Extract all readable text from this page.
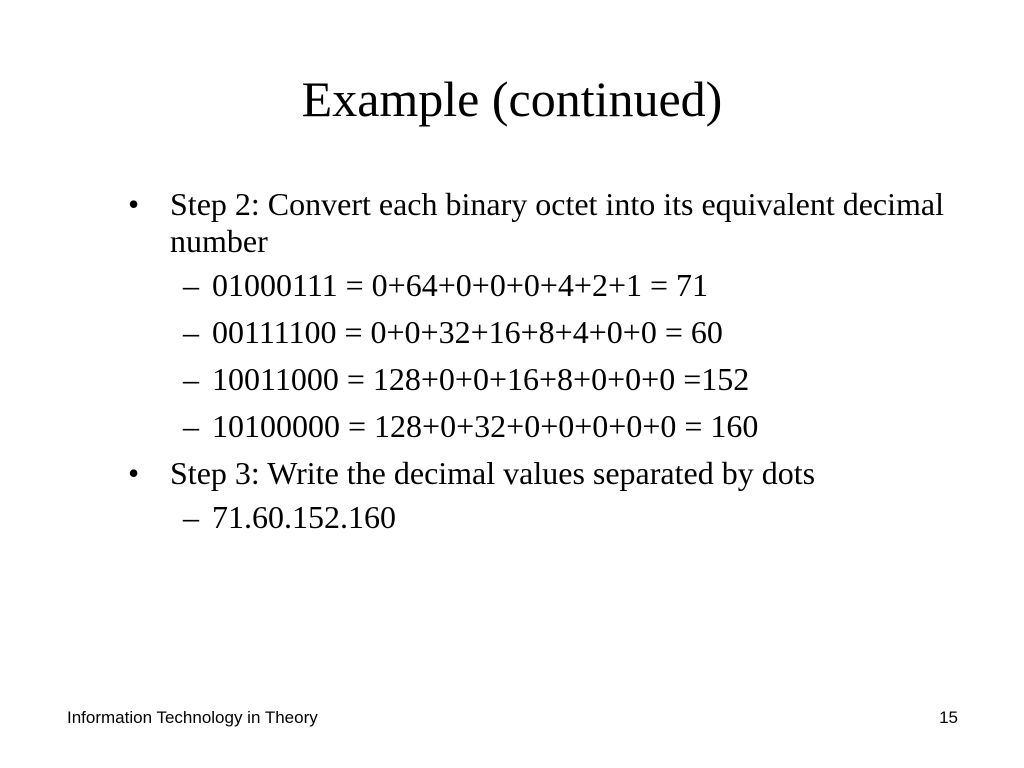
Example (continued)
• Step 2: Convert each binary octet into its equivalent decimal number
– 01000111 = 0+64+0+0+0+4+2+1 = 71
– 00111100 = 0+0+32+16+8+4+0+0 = 60
– 10011000 = 128+0+0+16+8+0+0+0 =152
– 10100000 = 128+0+32+0+0+0+0+0 = 160
• Step 3: Write the decimal values separated by dots
– 71.60.152.160
Information Technology in Theory	15
